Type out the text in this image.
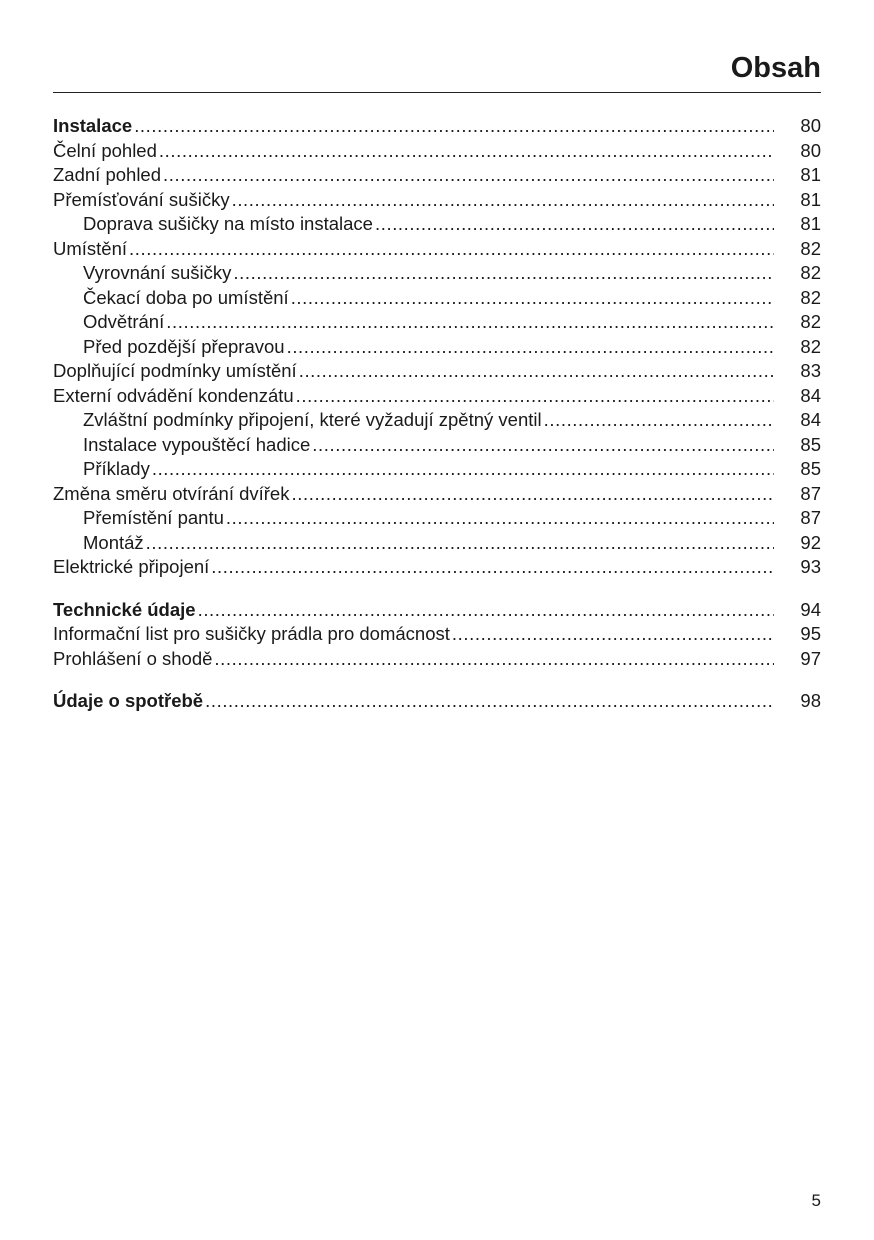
Obsah
Instalace .....	80
Čelní pohled .....	80
Zadní pohled .....	81
Přemísťování sušičky .....	81
Doprava sušičky na místo instalace .....	81
Umístění .....	82
Vyrovnání sušičky .....	82
Čekací doba po umístění .....	82
Odvětrání .....	82
Před pozdější přepravou .....	82
Doplňující podmínky umístění .....	83
Externí odvádění kondenzátu .....	84
Zvláštní podmínky připojení, které vyžadují zpětný ventil .....	84
Instalace vypouštěcí hadice .....	85
Příklady .....	85
Změna směru otvírání dvířek .....	87
Přemístění pantu .....	87
Montáž .....	92
Elektrické připojení .....	93
Technické údaje .....	94
Informační list pro sušičky prádla pro domácnost .....	95
Prohlášení o shodě .....	97
Údaje o spotřebě .....	98
5
